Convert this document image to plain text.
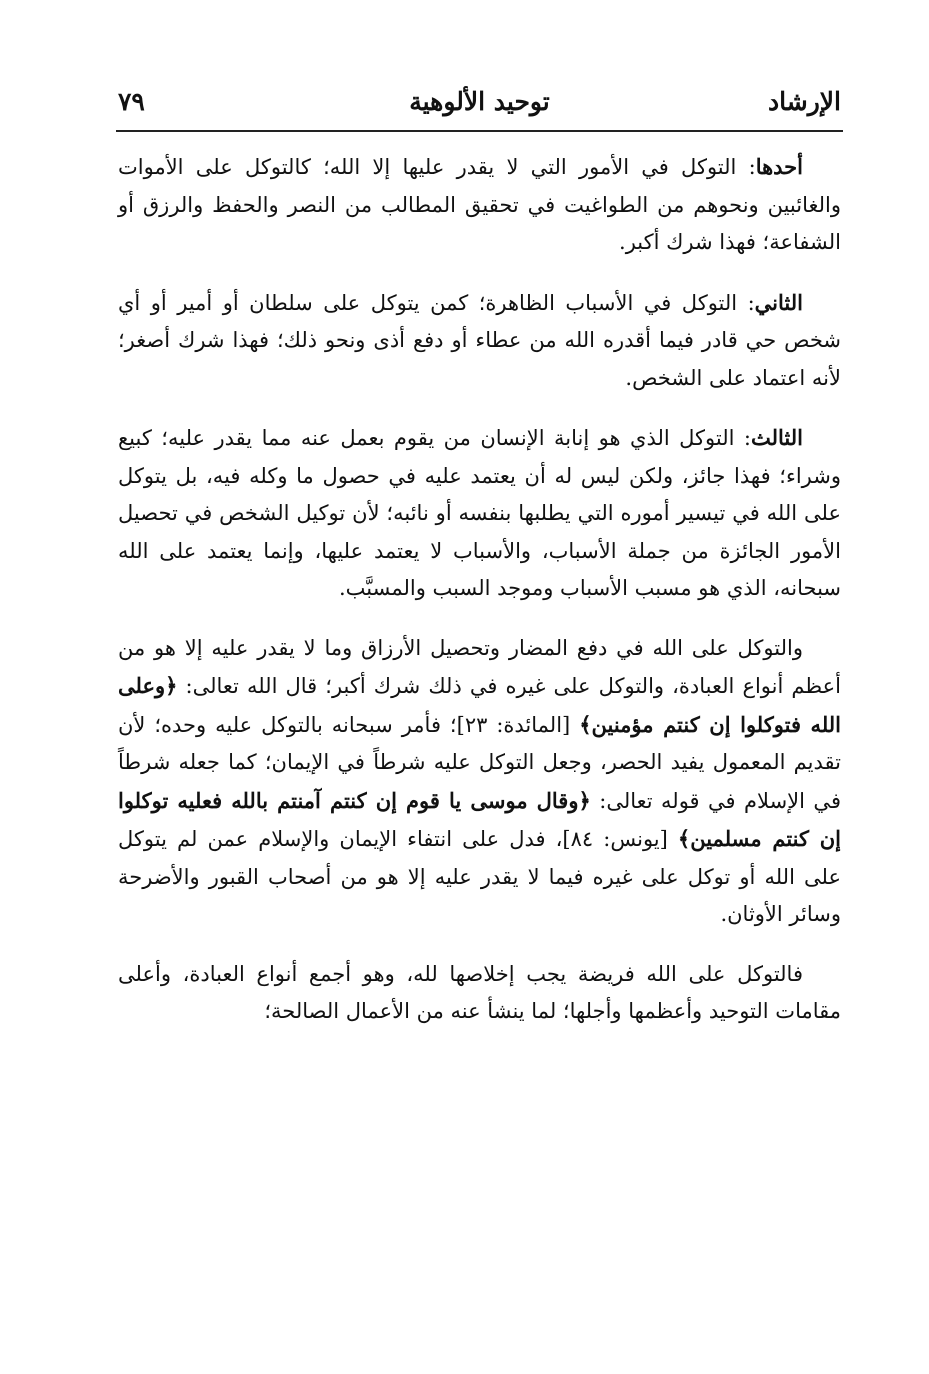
الإرشاد
توحيد الألوهية
٧٩

أحدها: التوكل في الأمور التي لا يقدر عليها إلا الله؛ كالتوكل على الأموات والغائبين ونحوهم من الطواغيت في تحقيق المطالب من النصر والحفظ والرزق أو الشفاعة؛ فهذا شرك أكبر.

الثاني: التوكل في الأسباب الظاهرة؛ كمن يتوكل على سلطان أو أمير أو أي شخص حي قادر فيما أقدره الله من عطاء أو دفع أذى ونحو ذلك؛ فهذا شرك أصغر؛ لأنه اعتماد على الشخص.

الثالث: التوكل الذي هو إنابة الإنسان من يقوم بعمل عنه مما يقدر عليه؛ كبيع وشراء؛ فهذا جائز، ولكن ليس له أن يعتمد عليه في حصول ما وكله فيه، بل يتوكل على الله في تيسير أموره التي يطلبها بنفسه أو نائبه؛ لأن توكيل الشخص في تحصيل الأمور الجائزة من جملة الأسباب، والأسباب لا يعتمد عليها، وإنما يعتمد على الله سبحانه، الذي هو مسبب الأسباب وموجد السبب والمسبَّب.

والتوكل على الله في دفع المضار وتحصيل الأرزاق وما لا يقدر عليه إلا هو من أعظم أنواع العبادة، والتوكل على غيره في ذلك شرك أكبر؛ قال الله تعالى: ﴿وعلى الله فتوكلوا إن كنتم مؤمنين﴾ [المائدة: ٢٣]؛ فأمر سبحانه بالتوكل عليه وحده؛ لأن تقديم المعمول يفيد الحصر، وجعل التوكل عليه شرطاً في الإيمان؛ كما جعله شرطاً في الإسلام في قوله تعالى: ﴿وقال موسى يا قوم إن كنتم آمنتم بالله فعليه توكلوا إن كنتم مسلمين﴾ [يونس: ٨٤]، فدل على انتفاء الإيمان والإسلام عمن لم يتوكل على الله أو توكل على غيره فيما لا يقدر عليه إلا هو من أصحاب القبور والأضرحة وسائر الأوثان.

فالتوكل على الله فريضة يجب إخلاصها لله، وهو أجمع أنواع العبادة، وأعلى مقامات التوحيد وأعظمها وأجلها؛ لما ينشأ عنه من الأعمال الصالحة؛
